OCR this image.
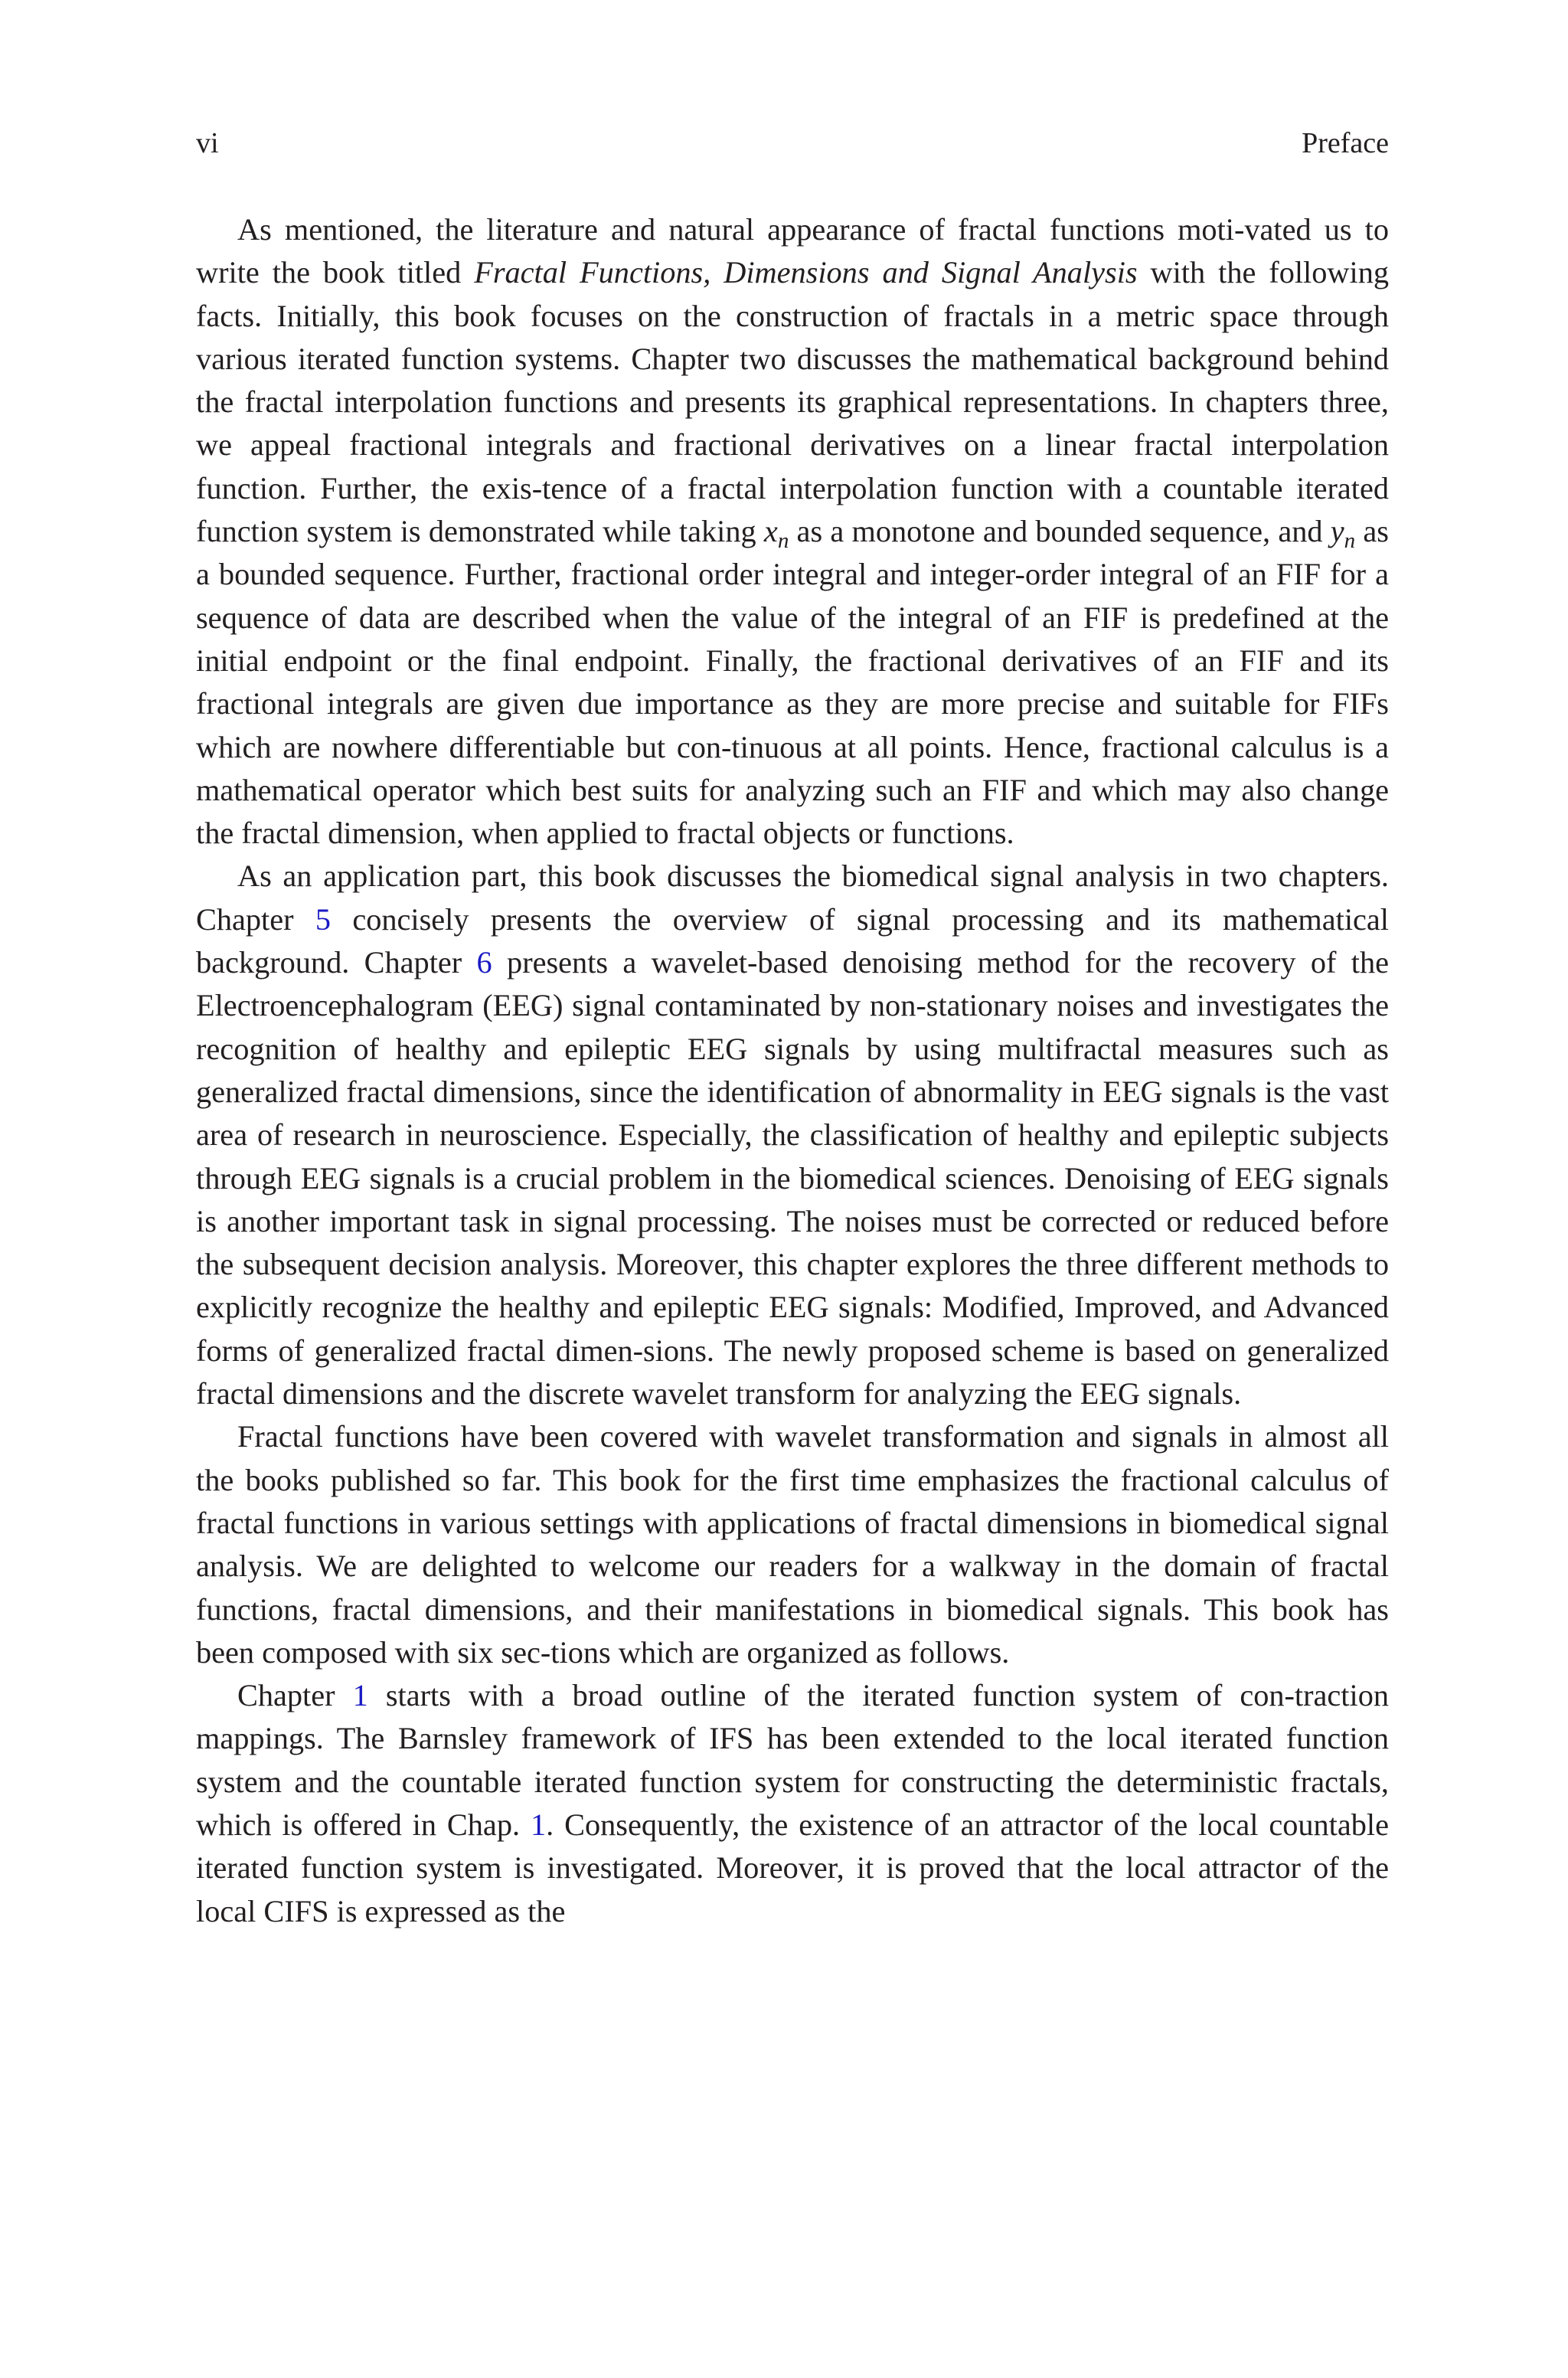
vi	Preface

As mentioned, the literature and natural appearance of fractal functions moti-vated us to write the book titled Fractal Functions, Dimensions and Signal Analysis with the following facts. Initially, this book focuses on the construction of fractals in a metric space through various iterated function systems. Chapter two discusses the mathematical background behind the fractal interpolation functions and presents its graphical representations. In chapters three, we appeal fractional integrals and fractional derivatives on a linear fractal interpolation function. Further, the exis-tence of a fractal interpolation function with a countable iterated function system is demonstrated while taking $x_n$ as a monotone and bounded sequence, and $y_n$ as a bounded sequence. Further, fractional order integral and integer-order integral of an FIF for a sequence of data are described when the value of the integral of an FIF is predefined at the initial endpoint or the final endpoint. Finally, the fractional derivatives of an FIF and its fractional integrals are given due importance as they are more precise and suitable for FIFs which are nowhere differentiable but con-tinuous at all points. Hence, fractional calculus is a mathematical operator which best suits for analyzing such an FIF and which may also change the fractal dimension, when applied to fractal objects or functions.

As an application part, this book discusses the biomedical signal analysis in two chapters. Chapter 5 concisely presents the overview of signal processing and its mathematical background. Chapter 6 presents a wavelet-based denoising method for the recovery of the Electroencephalogram (EEG) signal contaminated by non-stationary noises and investigates the recognition of healthy and epileptic EEG signals by using multifractal measures such as generalized fractal dimensions, since the identification of abnormality in EEG signals is the vast area of research in neuroscience. Especially, the classification of healthy and epileptic subjects through EEG signals is a crucial problem in the biomedical sciences. Denoising of EEG signals is another important task in signal processing. The noises must be corrected or reduced before the subsequent decision analysis. Moreover, this chapter explores the three different methods to explicitly recognize the healthy and epileptic EEG signals: Modified, Improved, and Advanced forms of generalized fractal dimen-sions. The newly proposed scheme is based on generalized fractal dimensions and the discrete wavelet transform for analyzing the EEG signals.

Fractal functions have been covered with wavelet transformation and signals in almost all the books published so far. This book for the first time emphasizes the fractional calculus of fractal functions in various settings with applications of fractal dimensions in biomedical signal analysis. We are delighted to welcome our readers for a walkway in the domain of fractal functions, fractal dimensions, and their manifestations in biomedical signals. This book has been composed with six sec-tions which are organized as follows.

Chapter 1 starts with a broad outline of the iterated function system of con-traction mappings. The Barnsley framework of IFS has been extended to the local iterated function system and the countable iterated function system for constructing the deterministic fractals, which is offered in Chap. 1. Consequently, the existence of an attractor of the local countable iterated function system is investigated. Moreover, it is proved that the local attractor of the local CIFS is expressed as the
